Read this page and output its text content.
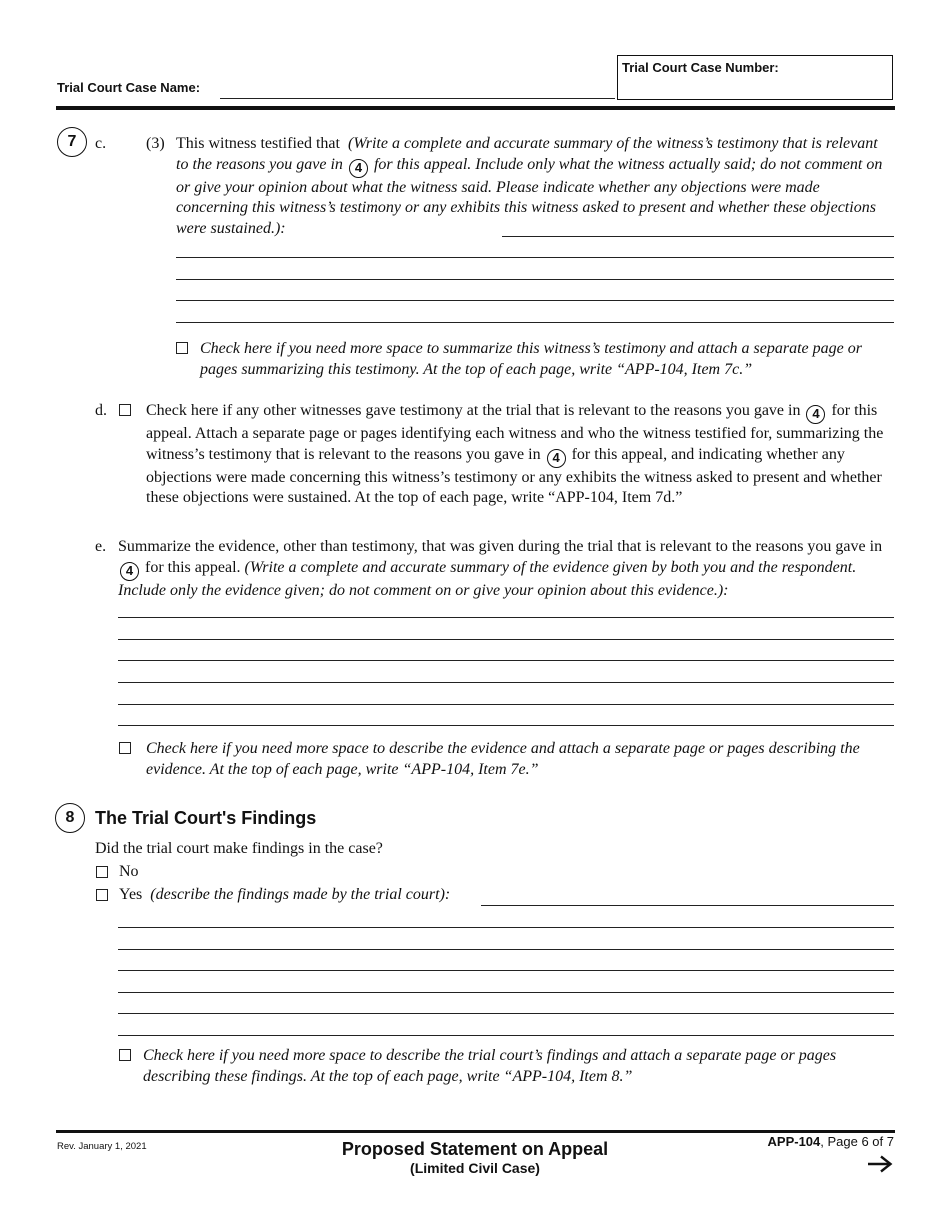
Trial Court Case Name:
Trial Court Case Number:
7	c. (3) This witness testified that (Write a complete and accurate summary of the witness’s testimony that is relevant to the reasons you gave in 4 for this appeal. Include only what the witness actually said; do not comment on or give your opinion about what the witness said. Please indicate whether any objections were made concerning this witness’s testimony or any exhibits this witness asked to present and whether these objections were sustained.):
Check here if you need more space to summarize this witness’s testimony and attach a separate page or pages summarizing this testimony. At the top of each page, write “APP-104, Item 7c.”
d. Check here if any other witnesses gave testimony at the trial that is relevant to the reasons you gave in 4 for this appeal. Attach a separate page or pages identifying each witness and who the witness testified for, summarizing the witness’s testimony that is relevant to the reasons you gave in 4 for this appeal, and indicating whether any objections were made concerning this witness’s testimony or any exhibits the witness asked to present and whether these objections were sustained. At the top of each page, write “APP-104, Item 7d.”
e. Summarize the evidence, other than testimony, that was given during the trial that is relevant to the reasons you gave in 4 for this appeal. (Write a complete and accurate summary of the evidence given by both you and the respondent. Include only the evidence given; do not comment on or give your opinion about this evidence.):
Check here if you need more space to describe the evidence and attach a separate page or pages describing the evidence. At the top of each page, write “APP-104, Item 7e.”
8	The Trial Court's Findings
Did the trial court make findings in the case?
No
Yes (describe the findings made by the trial court):
Check here if you need more space to describe the trial court’s findings and attach a separate page or pages describing these findings. At the top of each page, write “APP-104, Item 8.”
Rev. January 1, 2021	Proposed Statement on Appeal
(Limited Civil Case)
APP-104, Page 6 of 7
